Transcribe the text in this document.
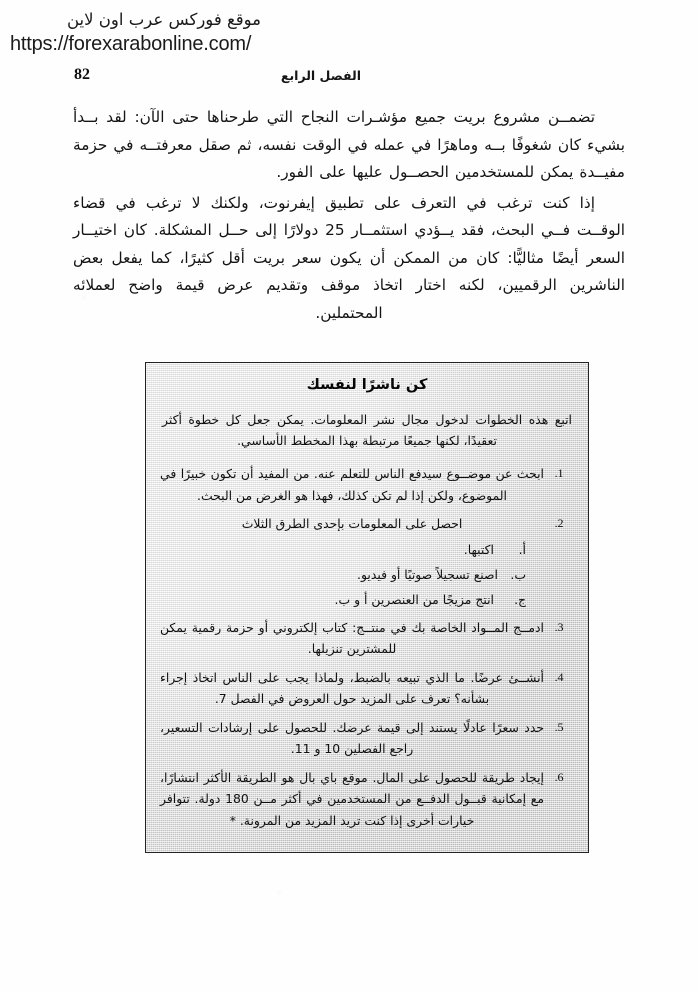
موقع فوركس عرب اون لاين
https://forexarabonline.com/
الفصل الرابع
82

تضمــن مشروع بريت جميع مؤشـرات النجاح التي طرحناها حتى الآن: لقد بــدأ بشيء كان شغوفًا بــه وماهرًا في عمله في الوقت نفسه، ثم صقل معرفتــه في حزمة مفيــدة يمكن للمستخدمين الحصــول عليها على الفور.

إذا كنت ترغب في التعرف على تطبيق إيفرنوت، ولكنك لا ترغب في قضاء الوقــت فــي البحث، فقد يــؤدي استثمــار 25 دولارًا إلى حــل المشكلة. كان اختيــار السعر أيضًا مثاليًّا: كان من الممكن أن يكون سعر بريت أقل كثيرًا، كما يفعل بعض الناشرين الرقميين، لكنه اختار اتخاذ موقف وتقديم عرض قيمة واضح لعملائه المحتملين.

كن ناشرًا لنفسك
اتبع هذه الخطوات لدخول مجال نشر المعلومات. يمكن جعل كل خطوة أكثر تعقيدًا، لكنها جميعًا مرتبطة بهذا المخطط الأساسي.
1.
ابحث عن موضــوع سيدفع الناس للتعلم عنه. من المفيد أن تكون خبيرًا في الموضوع، ولكن إذا لم تكن كذلك، فهذا هو الغرض من البحث.
2.
احصل على المعلومات بإحدى الطرق الثلاث
أ.
اكتبها.
ب.
اصنع تسجيلاً صوتيًا أو فيديو.
ج.
انتج مزيجًا من العنصرين أ و ب.
3.
ادمــج المــواد الخاصة بك في منتــج: كتاب إلكتروني أو حزمة رقمية يمكن للمشترين تنزيلها.
4.
أنشــئ عرضًا. ما الذي تبيعه بالضبط، ولماذا يجب على الناس اتخاذ إجراء بشأنه؟ تعرف على المزيد حول العروض في الفصل 7.
5.
حدد سعرًا عادلًا يستند إلى قيمة عرضك. للحصول على إرشادات التسعير، راجع الفصلين 10 و 11.
6.
إيجاد طريقة للحصول على المال. موقع باي بال هو الطريقة الأكثر انتشارًا، مع إمكانية قبــول الدفــع من المستخدمين في أكثر مــن 180 دولة. تتوافر خيارات أخرى إذا كنت تريد المزيد من المرونة. *
